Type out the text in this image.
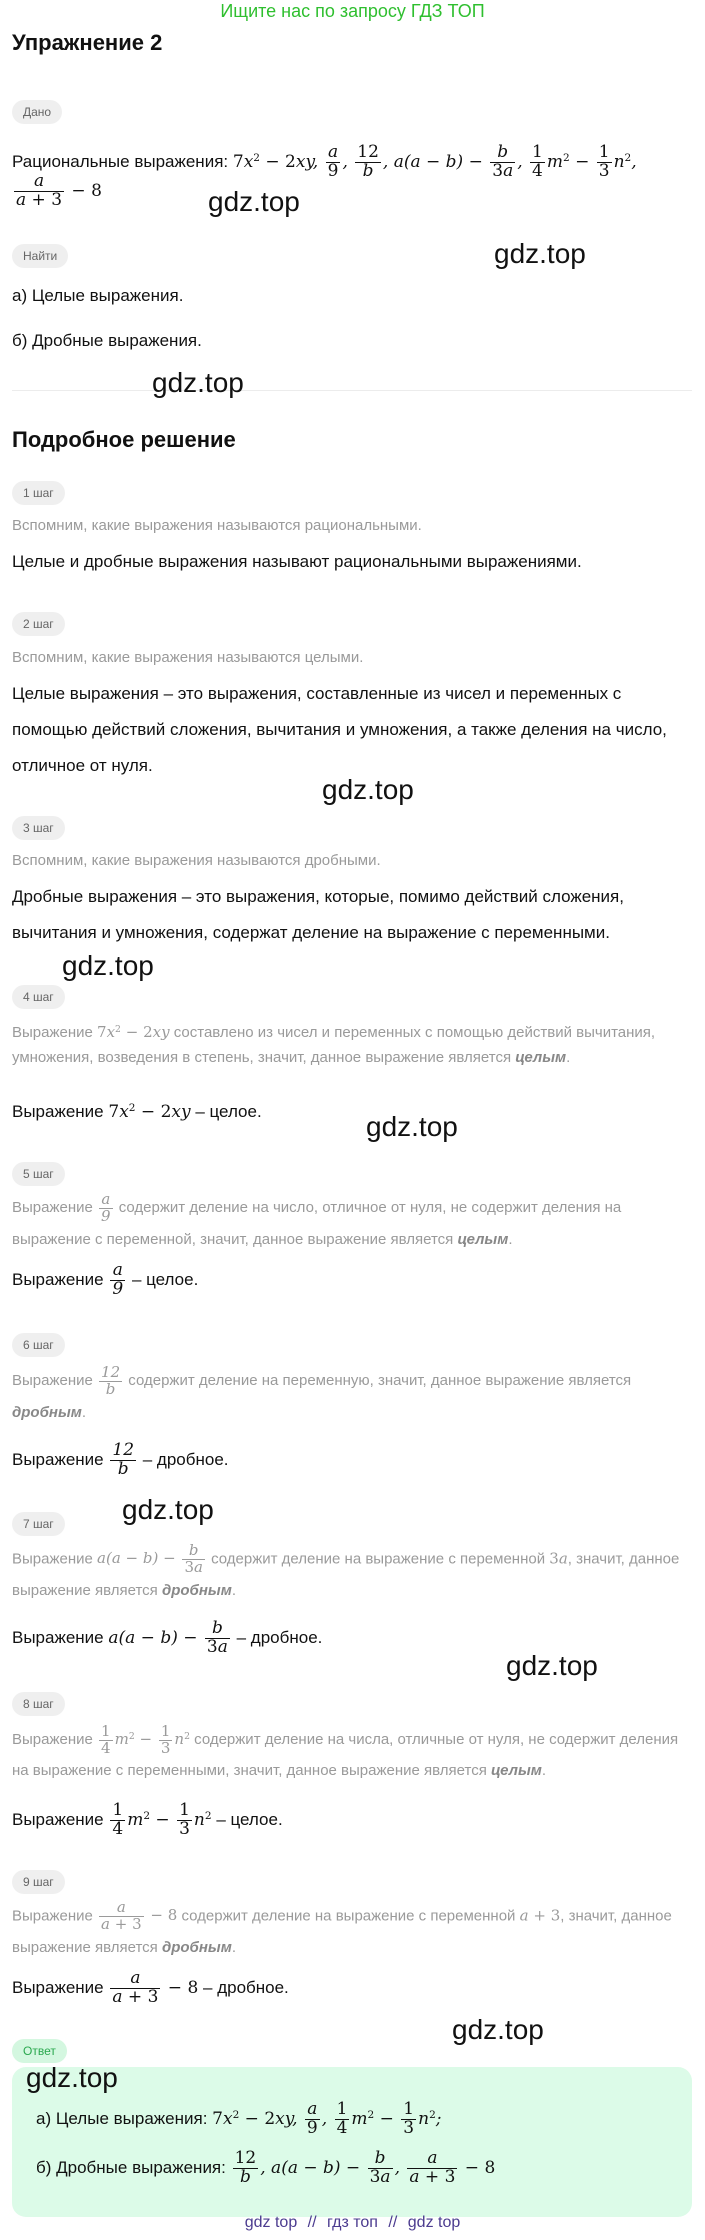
Ищите нас по запросу ГДЗ ТОП
Упражнение 2
Дано
Рациональные выражения: $7x^2 - 2xy$, $\frac{a}{9}$ , $\frac{12}{b}$ , $a(a - b) - \frac{b}{3a}$ , $\frac{1}{4} m^2 - \frac{1}{3} n^2$,
$\frac{a}{a + 3} - 8$
Найти
а) Целые выражения.
б) Дробные выражения.
Подробное решение
1 шаг
Вспомним, какие выражения называются рациональными.
Целые и дробные выражения называют рациональными выражениями.
2 шаг
Вспомним, какие выражения называются целыми.
Целые выражения – это выражения, составленные из чисел и переменных с помощью действий сложения, вычитания и умножения, а также деления на число, отличное от нуля.
3 шаг
Вспомним, какие выражения называются дробными.
Дробные выражения – это выражения, которые, помимо действий сложения, вычитания и умножения, содержат деление на выражение с переменными.
4 шаг
Выражение $7x^2 - 2xy$ составлено из чисел и переменных с помощью действий вычитания, умножения, возведения в степень, значит, данное выражение является целым.
Выражение $7x^2 - 2xy$ – целое.
5 шаг
Выражение $\frac{a}{9}$ содержит деление на число, отличное от нуля, не содержит деления на выражение с переменной, значит, данное выражение является целым.
Выражение $\frac{a}{9}$ – целое.
6 шаг
Выражение $\frac{12}{b}$ содержит деление на переменную, значит, данное выражение является дробным.
Выражение $\frac{12}{b}$ – дробное.
7 шаг
Выражение $a(a - b) - \frac{b}{3a}$ содержит деление на выражение с переменной 3a, значит, данное выражение является дробным.
Выражение $a(a - b) - \frac{b}{3a}$ – дробное.
8 шаг
Выражение $\frac{1}{4} m^2 - \frac{1}{3} n^2$ содержит деление на числа, отличные от нуля, не содержит деления на выражение с переменными, значит, данное выражение является целым.
Выражение $\frac{1}{4} m^2 - \frac{1}{3} n^2$ – целое.
9 шаг
Выражение $\frac{a}{a + 3} - 8$ содержит деление на выражение с переменной a + 3, значит, данное выражение является дробным.
Выражение $\frac{a}{a + 3} - 8$ – дробное.
Ответ
а) Целые выражения: $7x^2 - 2xy$, $\frac{a}{9}$ , $\frac{1}{4} m^2 - \frac{1}{3} n^2$;
б) Дробные выражения: $\frac{12}{b}$ , $a(a - b) - \frac{b}{3a}$ , $\frac{a}{a + 3} - 8$
gdz.top
gdz.top
gdz.top
gdz.top
gdz.top
gdz.top
gdz.top
gdz.top
gdz.top
gdz.top
gdz top // гдз топ // gdz top
